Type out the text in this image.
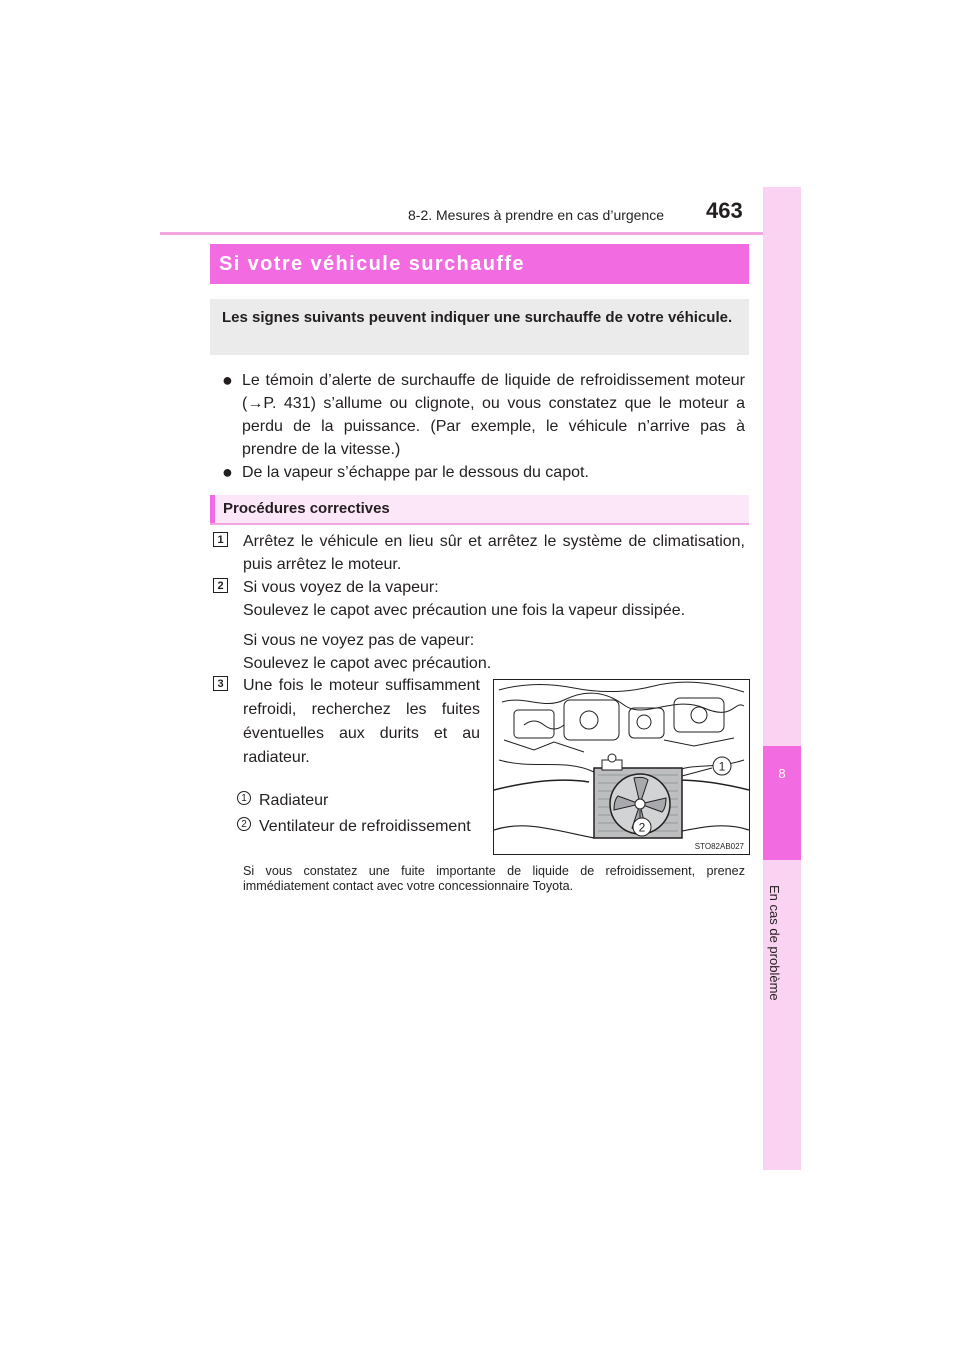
8-2. Mesures à prendre en cas d’urgence 463
8
En cas de problème
Si votre véhicule surchauffe
Les signes suivants peuvent indiquer une surchauffe de votre véhicule.
● Le témoin d’alerte de surchauffe de liquide de refroidissement moteur (→P. 431) s’allume ou clignote, ou vous constatez que le moteur a perdu de la puissance. (Par exemple, le véhicule n’arrive pas à prendre de la vitesse.)
● De la vapeur s’échappe par le dessous du capot.
Procédures correctives
1 Arrêtez le véhicule en lieu sûr et arrêtez le système de climatisation, puis arrêtez le moteur.
2 Si vous voyez de la vapeur:
Soulevez le capot avec précaution une fois la vapeur dissipée.
Si vous ne voyez pas de vapeur:
Soulevez le capot avec précaution.
3 Une fois le moteur suffisamment refroidi, recherchez les fuites éventuelles aux durits et au radiateur.
1 Radiateur
2 Ventilateur de refroidissement
1
2
STO82AB027
Si vous constatez une fuite importante de liquide de refroidissement, prenez immédiatement contact avec votre concessionnaire Toyota.
